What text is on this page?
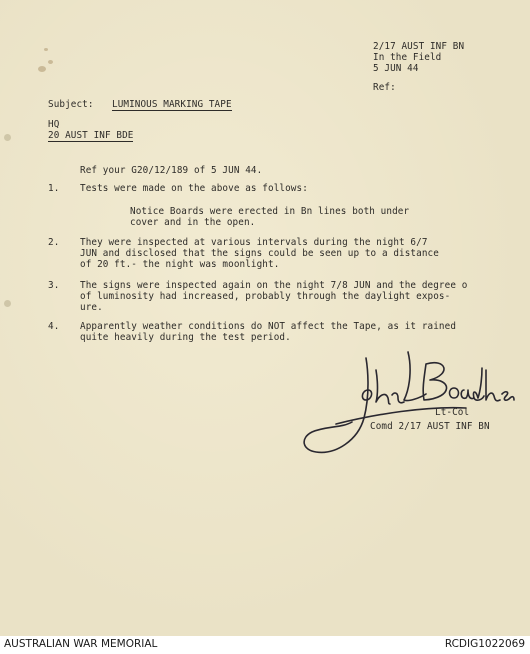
2/17 AUST INF BN
In the Field
5 JUN 44
Ref:
Subject: LUMINOUS MARKING TAPE
HQ
20 AUST INF BDE
Ref your G20/12/189 of 5 JUN 44.
1. Tests were made on the above as follows:
Notice Boards were erected in Bn lines both under
cover and in the open.
2. They were inspected at various intervals during the night 6/7
JUN and disclosed that the signs could be seen up to a distance
of 20 ft.- the night was moonlight.
3. The signs were inspected again on the night 7/8 JUN and the degree o
of luminosity had increased, probably through the daylight expos-
ure.
4. Apparently weather conditions do NOT affect the Tape, as it rained
quite heavily during the test period.
Lt-Col
Comd 2/17 AUST INF BN
AUSTRALIAN WAR MEMORIAL	RCDIG1022069
